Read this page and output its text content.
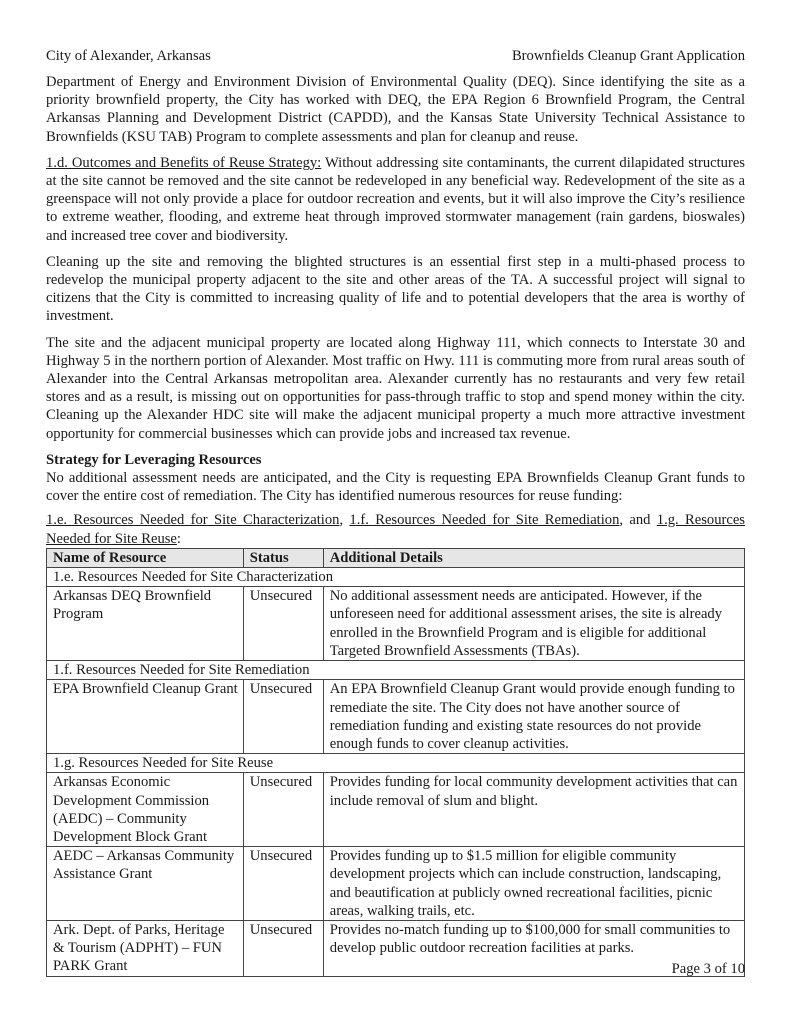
City of Alexander, Arkansas	Brownfields Cleanup Grant Application

Department of Energy and Environment Division of Environmental Quality (DEQ). Since identifying the site as a priority brownfield property, the City has worked with DEQ, the EPA Region 6 Brownfield Program, the Central Arkansas Planning and Development District (CAPDD), and the Kansas State University Technical Assistance to Brownfields (KSU TAB) Program to complete assessments and plan for cleanup and reuse.

1.d. Outcomes and Benefits of Reuse Strategy: Without addressing site contaminants, the current dilapidated structures at the site cannot be removed and the site cannot be redeveloped in any beneficial way. Redevelopment of the site as a greenspace will not only provide a place for outdoor recreation and events, but it will also improve the City’s resilience to extreme weather, flooding, and extreme heat through improved stormwater management (rain gardens, bioswales) and increased tree cover and biodiversity.

Cleaning up the site and removing the blighted structures is an essential first step in a multi-phased process to redevelop the municipal property adjacent to the site and other areas of the TA. A successful project will signal to citizens that the City is committed to increasing quality of life and to potential developers that the area is worthy of investment.

The site and the adjacent municipal property are located along Highway 111, which connects to Interstate 30 and Highway 5 in the northern portion of Alexander. Most traffic on Hwy. 111 is commuting more from rural areas south of Alexander into the Central Arkansas metropolitan area. Alexander currently has no restaurants and very few retail stores and as a result, is missing out on opportunities for pass-through traffic to stop and spend money within the city. Cleaning up the Alexander HDC site will make the adjacent municipal property a much more attractive investment opportunity for commercial businesses which can provide jobs and increased tax revenue.

Strategy for Leveraging Resources

No additional assessment needs are anticipated, and the City is requesting EPA Brownfields Cleanup Grant funds to cover the entire cost of remediation. The City has identified numerous resources for reuse funding:

1.e. Resources Needed for Site Characterization, 1.f. Resources Needed for Site Remediation, and 1.g. Resources Needed for Site Reuse:

Name of Resource	Status	Additional Details
1.e. Resources Needed for Site Characterization		
Arkansas DEQ Brownfield Program	Unsecured	No additional assessment needs are anticipated. However, if the unforeseen need for additional assessment arises, the site is already enrolled in the Brownfield Program and is eligible for additional Targeted Brownfield Assessments (TBAs).
1.f. Resources Needed for Site Remediation		
EPA Brownfield Cleanup Grant	Unsecured	An EPA Brownfield Cleanup Grant would provide enough funding to remediate the site. The City does not have another source of remediation funding and existing state resources do not provide enough funds to cover cleanup activities.
1.g. Resources Needed for Site Reuse		
Arkansas Economic Development Commission (AEDC) – Community Development Block Grant	Unsecured	Provides funding for local community development activities that can include removal of slum and blight.
AEDC – Arkansas Community Assistance Grant	Unsecured	Provides funding up to $1.5 million for eligible community development projects which can include construction, landscaping, and beautification at publicly owned recreational facilities, picnic areas, walking trails, etc.
Ark. Dept. of Parks, Heritage & Tourism (ADPHT) – FUN PARK Grant	Unsecured	Provides no-match funding up to $100,000 for small communities to develop public outdoor recreation facilities at parks.
Page 3 of 10
